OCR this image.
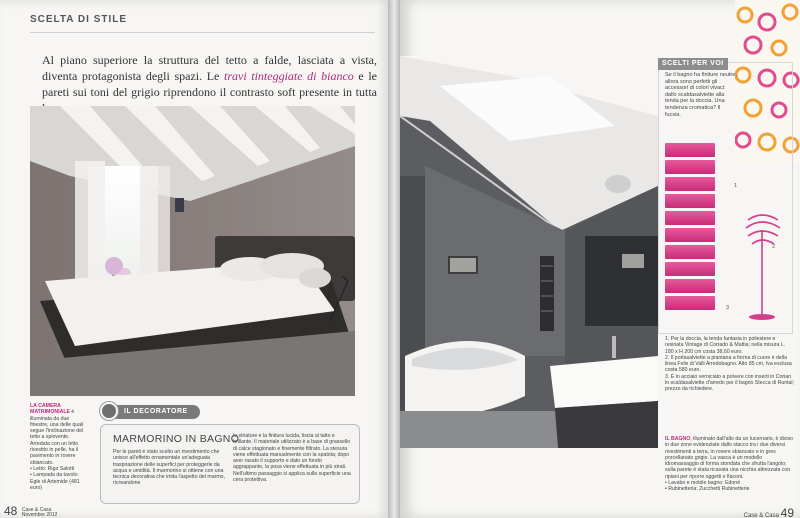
SCELTA DI STILE

Al piano superiore la struttura del tetto a falde, lasciata a vista, diventa protagonista degli spazi. Le travi tinteggiate di bianco e le pareti sui toni del grigio riprendono il contrasto soft presente in tutta

LA CAMERA MATRIMONIALE è illuminata da due finestre, una delle quali segue l'inclinazione del tetto a spiovente. Arredata con un letto rivestito in pelle, ha il pavimento in rovere sbiancato.
• Letto: Rigo Salotti
• Lampada da tavolo: Egle di Artemide (481 euro)
IL DECORATORE
MARMORINO IN BAGNO
Per le pareti è stato scelto un rivestimento che unisce all'effetto ornamentale un'adeguata traspirazione delle superfici per proteggerle da acqua e umidità. Il marmorino si ottiene con una tecnica decorativa che imita l'aspetto del marmo, ricreandone
le striature e la finitura lucida, liscia al tatto e brillante. Il materiale utilizzato è a base di grassello di calce stagionato e finemente filtrato. La stesura viene effettuata manualmente con la spatola; dopo aver rasato il supporto e dato un fondo aggrappante, la posa viene effettuata in più strati. Nell'ultimo passaggio si applica sulla superficie una cera protettiva.
48 Case & Casa
Novembre 2012
SCELTI PER VOI
Se il bagno ha finiture neutre, allora sono perfetti gli accessori di colori vivaci: dallo scaldasalviette alla tenda per la doccia. Una tendenza cromatica? Il fucsia.
1
2
3
1. Per la doccia, la tenda fantasia in poliestere e resinata Vintage di Corrado & Mattia; nella misura L. 180 x H 200 cm costa 38,60 euro.
2. Il portasalviette a piantana a forma di cuore è della linea Felix di Valli Arredobagno. Alto 85 cm, Iva esclusa costa 580 euro.
3. È in acciaio verniciato a polvere con inserti in Corian lo scaldasalviette d'arredo per il bagno Stecca di Runtal; prezzo da richiedere.
IL BAGNO, illuminato dall'alto da un lucernario, è diviso in due zone evidenziate dallo stacco tra i due diversi rivestimenti a terra, in rovere sbiancato e in gres porcellanato grigio. La vasca è un modello idromassaggio di forma stondata che sfrutta l'angolo; sulla parete è stata ricavata una nicchia attrezzata con ripiani per riporre oggetti e flaconi.
• Lavabo e mobile bagno: Edoné
• Rubinetteria: Zucchetti Rubinetterie
Case & Casa 49
